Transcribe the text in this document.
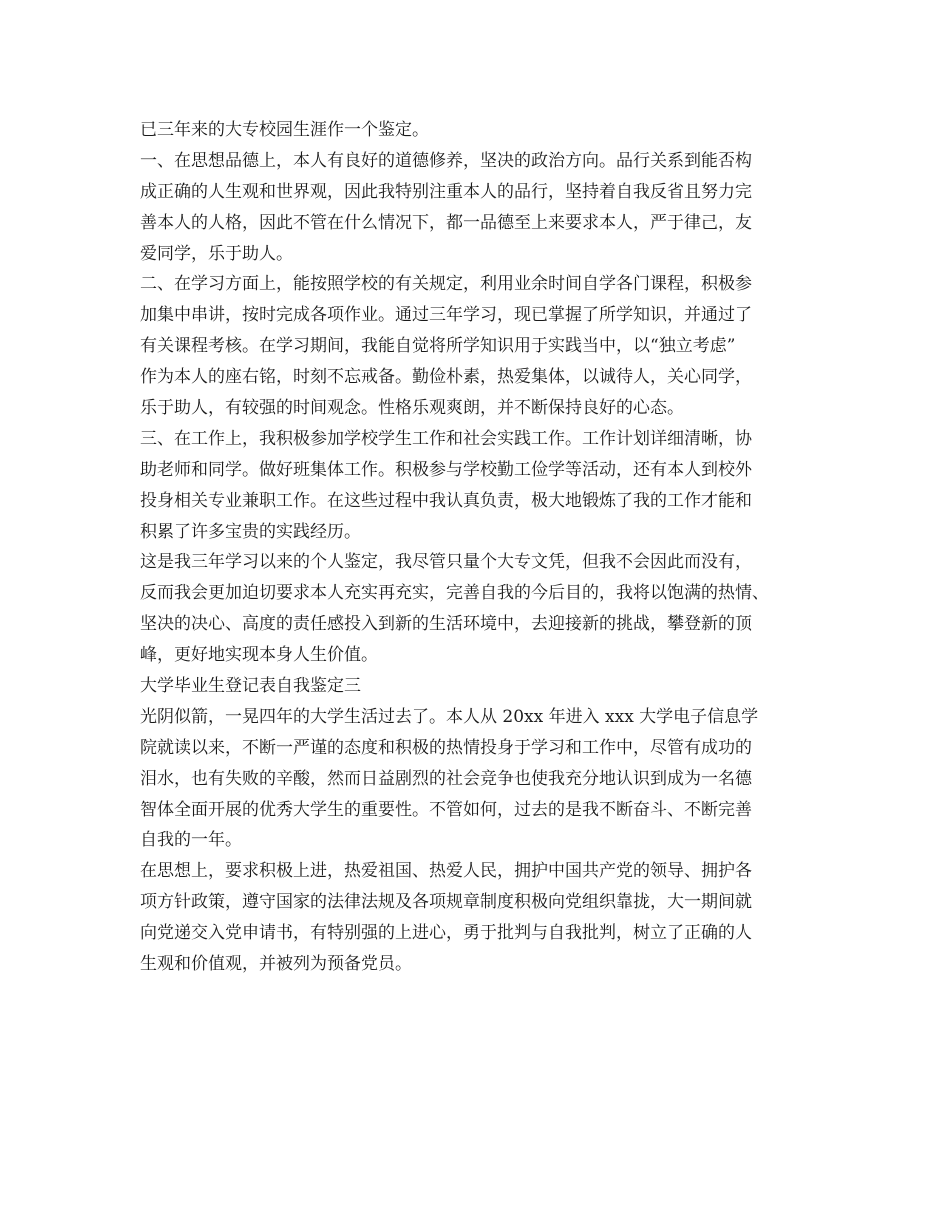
已三年来的大专校园生涯作一个鉴定。
一、在思想品德上，本人有良好的道德修养，坚决的政治方向。品行关系到能否构
成正确的人生观和世界观，因此我特别注重本人的品行，坚持着自我反省且努力完
善本人的人格，因此不管在什么情况下，都一品德至上来要求本人，严于律己，友
爱同学，乐于助人。
二、在学习方面上，能按照学校的有关规定，利用业余时间自学各门课程，积极参
加集中串讲，按时完成各项作业。通过三年学习，现已掌握了所学知识，并通过了
有关课程考核。在学习期间，我能自觉将所学知识用于实践当中，以“独立考虑”
作为本人的座右铭，时刻不忘戒备。勤俭朴素，热爱集体，以诚待人，关心同学，
乐于助人，有较强的时间观念。性格乐观爽朗，并不断保持良好的心态。
三、在工作上，我积极参加学校学生工作和社会实践工作。工作计划详细清晰，协
助老师和同学。做好班集体工作。积极参与学校勤工俭学等活动，还有本人到校外
投身相关专业兼职工作。在这些过程中我认真负责，极大地锻炼了我的工作才能和
积累了许多宝贵的实践经历。
这是我三年学习以来的个人鉴定，我尽管只量个大专文凭，但我不会因此而没有，
反而我会更加迫切要求本人充实再充实，完善自我的今后目的，我将以饱满的热情、
坚决的决心、高度的责任感投入到新的生活环境中，去迎接新的挑战，攀登新的顶
峰，更好地实现本身人生价值。
大学毕业生登记表自我鉴定三
光阴似箭，一晃四年的大学生活过去了。本人从 20xx 年进入 xxx 大学电子信息学
院就读以来，不断一严谨的态度和积极的热情投身于学习和工作中，尽管有成功的
泪水，也有失败的辛酸，然而日益剧烈的社会竞争也使我充分地认识到成为一名德
智体全面开展的优秀大学生的重要性。不管如何，过去的是我不断奋斗、不断完善
自我的一年。
在思想上，要求积极上进，热爱祖国、热爱人民，拥护中国共产党的领导、拥护各
项方针政策，遵守国家的法律法规及各项规章制度积极向党组织靠拢，大一期间就
向党递交入党申请书，有特别强的上进心，勇于批判与自我批判，树立了正确的人
生观和价值观，并被列为预备党员。
